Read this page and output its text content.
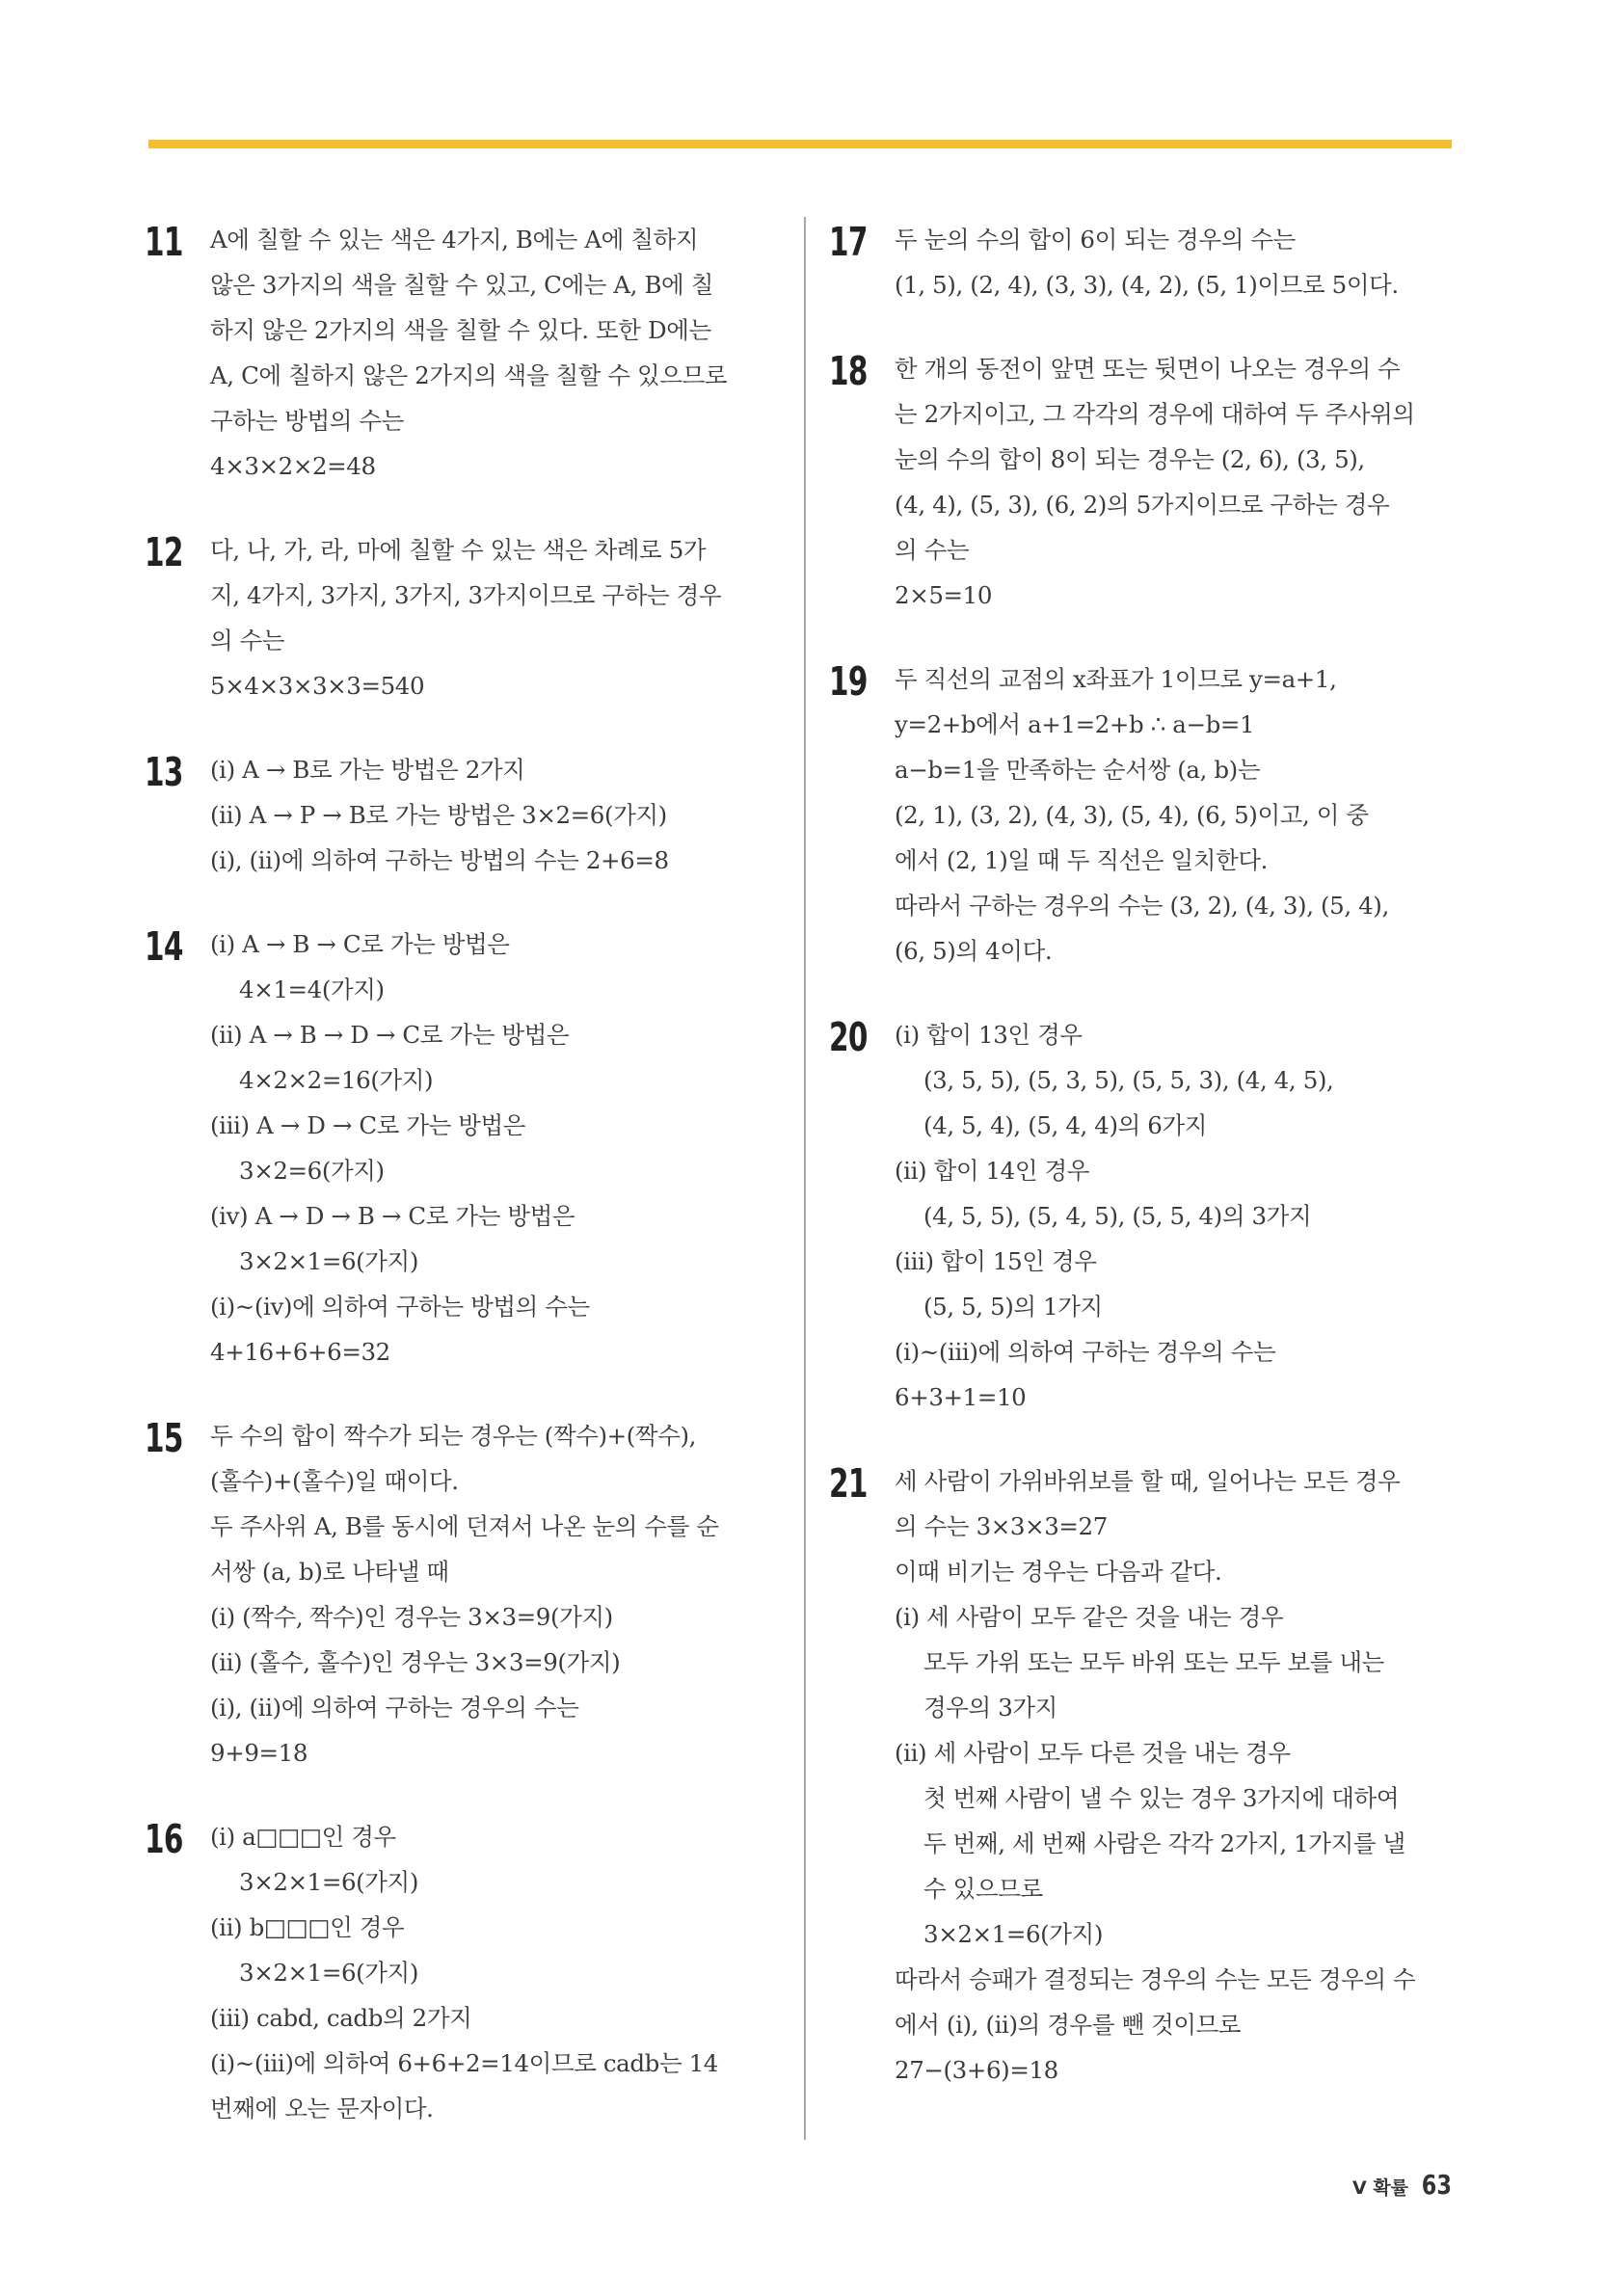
11 A에 칠할 수 있는 색은 4가지, B에는 A에 칠하지
않은 3가지의 색을 칠할 수 있고, C에는 A, B에 칠
하지 않은 2가지의 색을 칠할 수 있다. 또한 D에는
A, C에 칠하지 않은 2가지의 색을 칠할 수 있으므로
구하는 방법의 수는
4×3×2×2=48
12 다, 나, 가, 라, 마에 칠할 수 있는 색은 차례로 5가
지, 4가지, 3가지, 3가지, 3가지이므로 구하는 경우
의 수는
5×4×3×3×3=540
13 (i) A → B로 가는 방법은 2가지
(ii) A → P → B로 가는 방법은 3×2=6(가지)
(i), (ii)에 의하여 구하는 방법의 수는 2+6=8
14 (i) A → B → C로 가는 방법은
4×1=4(가지)
(ii) A → B → D → C로 가는 방법은
4×2×2=16(가지)
(iii) A → D → C로 가는 방법은
3×2=6(가지)
(iv) A → D → B → C로 가는 방법은
3×2×1=6(가지)
(i)~(iv)에 의하여 구하는 방법의 수는
4+16+6+6=32
15 두 수의 합이 짝수가 되는 경우는 (짝수)+(짝수),
(홀수)+(홀수)일 때이다.
두 주사위 A, B를 동시에 던져서 나온 눈의 수를 순
서쌍 (a, b)로 나타낼 때
(i) (짝수, 짝수)인 경우는 3×3=9(가지)
(ii) (홀수, 홀수)인 경우는 3×3=9(가지)
(i), (ii)에 의하여 구하는 경우의 수는
9+9=18
16 (i) a□□□인 경우
3×2×1=6(가지)
(ii) b□□□인 경우
3×2×1=6(가지)
(iii) cabd, cadb의 2가지
(i)~(iii)에 의하여 6+6+2=14이므로 cadb는 14
번째에 오는 문자이다.
17 두 눈의 수의 합이 6이 되는 경우의 수는
(1, 5), (2, 4), (3, 3), (4, 2), (5, 1)이므로 5이다.
18 한 개의 동전이 앞면 또는 뒷면이 나오는 경우의 수
는 2가지이고, 그 각각의 경우에 대하여 두 주사위의
눈의 수의 합이 8이 되는 경우는 (2, 6), (3, 5),
(4, 4), (5, 3), (6, 2)의 5가지이므로 구하는 경우
의 수는
2×5=10
19 두 직선의 교점의 x좌표가 1이므로 y=a+1,
y=2+b에서 a+1=2+b ∴ a−b=1
a−b=1을 만족하는 순서쌍 (a, b)는
(2, 1), (3, 2), (4, 3), (5, 4), (6, 5)이고, 이 중
에서 (2, 1)일 때 두 직선은 일치한다.
따라서 구하는 경우의 수는 (3, 2), (4, 3), (5, 4),
(6, 5)의 4이다.
20 (i) 합이 13인 경우
(3, 5, 5), (5, 3, 5), (5, 5, 3), (4, 4, 5),
(4, 5, 4), (5, 4, 4)의 6가지
(ii) 합이 14인 경우
(4, 5, 5), (5, 4, 5), (5, 5, 4)의 3가지
(iii) 합이 15인 경우
(5, 5, 5)의 1가지
(i)~(iii)에 의하여 구하는 경우의 수는
6+3+1=10
21 세 사람이 가위바위보를 할 때, 일어나는 모든 경우
의 수는 3×3×3=27
이때 비기는 경우는 다음과 같다.
(i) 세 사람이 모두 같은 것을 내는 경우
모두 가위 또는 모두 바위 또는 모두 보를 내는
경우의 3가지
(ii) 세 사람이 모두 다른 것을 내는 경우
첫 번째 사람이 낼 수 있는 경우 3가지에 대하여
두 번째, 세 번째 사람은 각각 2가지, 1가지를 낼
수 있으므로
3×2×1=6(가지)
따라서 승패가 결정되는 경우의 수는 모든 경우의 수
에서 (i), (ii)의 경우를 뺀 것이므로
27−(3+6)=18
Ⅴ 확률 63
